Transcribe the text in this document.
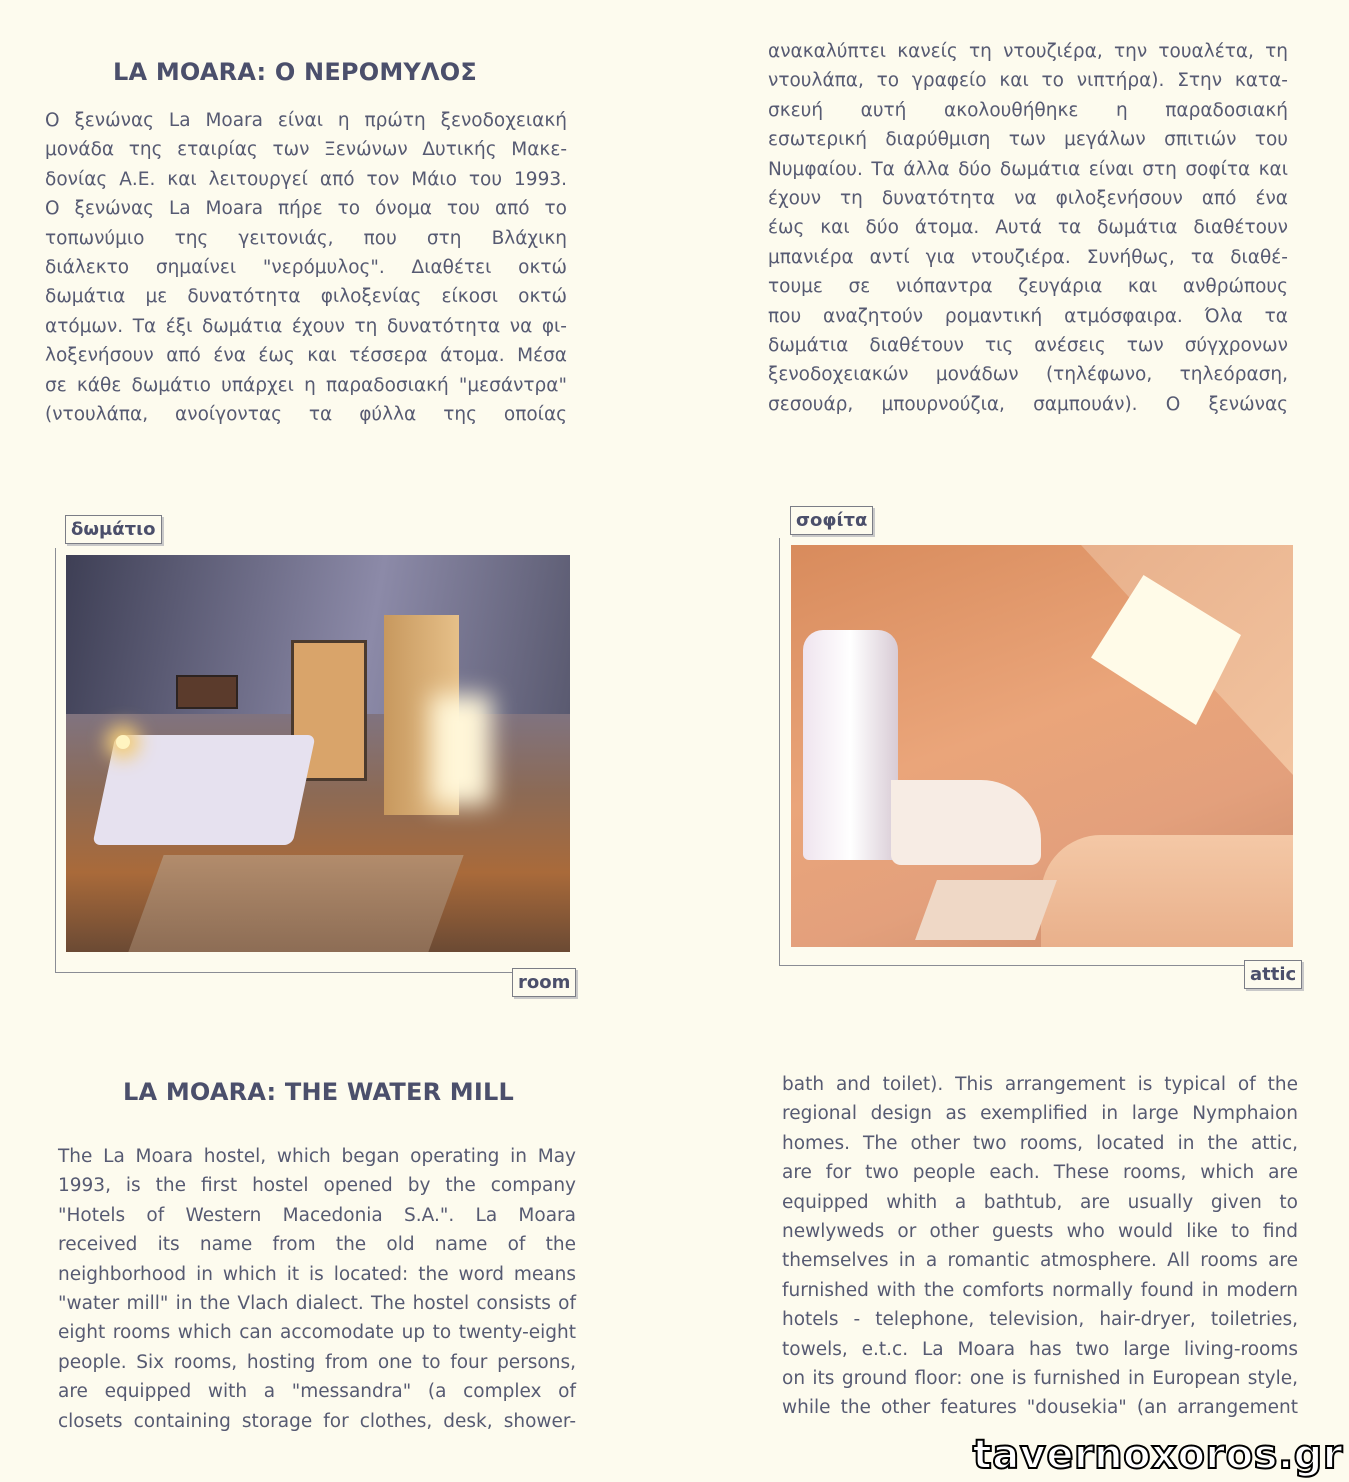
LA MOARA: Ο ΝΕΡΟΜΥΛΟΣ
Ο ξενώνας La Moara είναι η πρώτη ξενοδοχειακή
μονάδα της εταιρίας των Ξενώνων Δυτικής Μακε-
δονίας Α.Ε. και λειτουργεί από τον Μάιο του 1993.
Ο ξενώνας La Moara πήρε το όνομα του από το
τοπωνύμιο της γειτονιάς, που στη Βλάχικη
διάλεκτο σημαίνει "νερόμυλος". Διαθέτει οκτώ
δωμάτια με δυνατότητα φιλοξενίας είκοσι οκτώ
ατόμων. Τα έξι δωμάτια έχουν τη δυνατότητα να φι-
λοξενήσουν από ένα έως και τέσσερα άτομα. Μέσα
σε κάθε δωμάτιο υπάρχει η παραδοσιακή "μεσάντρα"
(ντουλάπα, ανοίγοντας τα φύλλα της οποίας
ανακαλύπτει κανείς τη ντουζιέρα, την τουαλέτα, τη
ντουλάπα, το γραφείο και το νιπτήρα). Στην κατα-
σκευή αυτή ακολουθήθηκε η παραδοσιακή
εσωτερική διαρύθμιση των μεγάλων σπιτιών του
Νυμφαίου. Τα άλλα δύο δωμάτια είναι στη σοφίτα και
έχουν τη δυνατότητα να φιλοξενήσουν από ένα
έως και δύο άτομα. Αυτά τα δωμάτια διαθέτουν
μπανιέρα αντί για ντουζιέρα. Συνήθως, τα διαθέ-
τουμε σε νιόπαντρα ζευγάρια και ανθρώπους
που αναζητούν ρομαντική ατμόσφαιρα. Όλα τα
δωμάτια διαθέτουν τις ανέσεις των σύγχρονων
ξενοδοχειακών μονάδων (τηλέφωνο, τηλεόραση,
σεσουάρ, μπουρνούζια, σαμπουάν). Ο ξενώνας
δωμάτιο
room
σοφίτα
attic
LA MOARA: THE WATER MILL
The La Moara hostel, which began operating in May
1993, is the first hostel opened by the company
"Hotels of Western Macedonia S.A.". La Moara
received its name from the old name of the
neighborhood in which it is located: the word means
"water mill" in the Vlach dialect. The hostel consists of
eight rooms which can accomodate up to twenty-eight
people. Six rooms, hosting from one to four persons,
are equipped with a "messandra" (a complex of
closets containing storage for clothes, desk, shower-
bath and toilet). This arrangement is typical of the
regional design as exemplified in large Nymphaion
homes. The other two rooms, located in the attic,
are for two people each. These rooms, which are
equipped whith a bathtub, are usually given to
newlyweds or other guests who would like to find
themselves in a romantic atmosphere. All rooms are
furnished with the comforts normally found in modern
hotels - telephone, television, hair-dryer, toiletries,
towels, e.t.c. La Moara has two large living-rooms
on its ground floor: one is furnished in European style,
while the other features "dousekia" (an arrangement
tavernoxoros.gr
